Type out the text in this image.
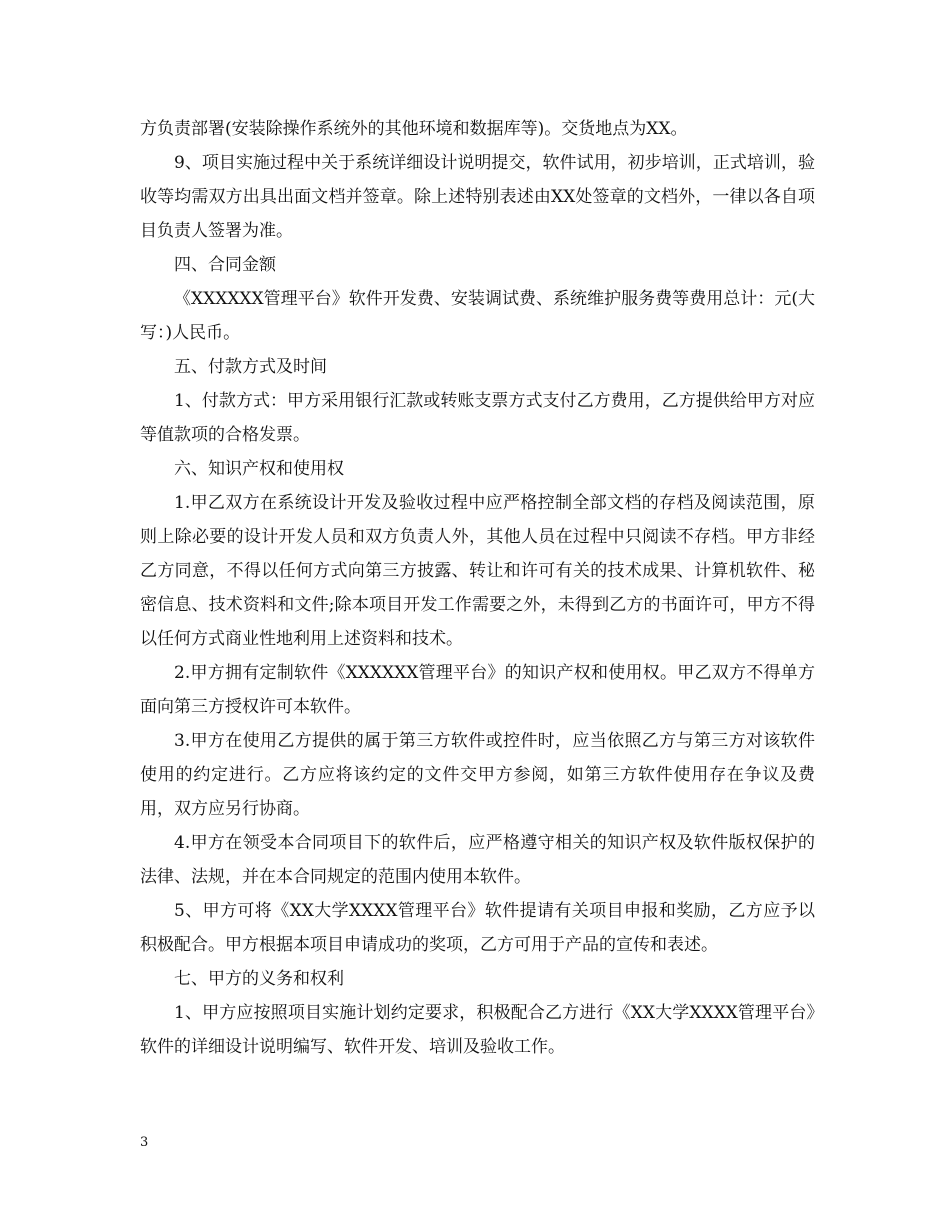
方负责部署(安装除操作系统外的其他环境和数据库等)。交货地点为XX。

9、项目实施过程中关于系统详细设计说明提交，软件试用，初步培训，正式培训，验收等均需双方出具出面文档并签章。除上述特别表述由XX处签章的文档外，一律以各自项目负责人签署为准。

四、合同金额

《XXXXXX管理平台》软件开发费、安装调试费、系统维护服务费等费用总计：元(大写：)人民币。

五、付款方式及时间

1、付款方式：甲方采用银行汇款或转账支票方式支付乙方费用，乙方提供给甲方对应等值款项的合格发票。

六、知识产权和使用权

1.甲乙双方在系统设计开发及验收过程中应严格控制全部文档的存档及阅读范围，原则上除必要的设计开发人员和双方负责人外，其他人员在过程中只阅读不存档。甲方非经乙方同意，不得以任何方式向第三方披露、转让和许可有关的技术成果、计算机软件、秘密信息、技术资料和文件;除本项目开发工作需要之外，未得到乙方的书面许可，甲方不得以任何方式商业性地利用上述资料和技术。

2.甲方拥有定制软件《XXXXXX管理平台》的知识产权和使用权。甲乙双方不得单方面向第三方授权许可本软件。

3.甲方在使用乙方提供的属于第三方软件或控件时，应当依照乙方与第三方对该软件使用的约定进行。乙方应将该约定的文件交甲方参阅，如第三方软件使用存在争议及费用，双方应另行协商。

4.甲方在领受本合同项目下的软件后，应严格遵守相关的知识产权及软件版权保护的法律、法规，并在本合同规定的范围内使用本软件。

5、甲方可将《XX大学XXXX管理平台》软件提请有关项目申报和奖励，乙方应予以积极配合。甲方根据本项目申请成功的奖项，乙方可用于产品的宣传和表述。

七、甲方的义务和权利

1、甲方应按照项目实施计划约定要求，积极配合乙方进行《XX大学XXXX管理平台》软件的详细设计说明编写、软件开发、培训及验收工作。

3
